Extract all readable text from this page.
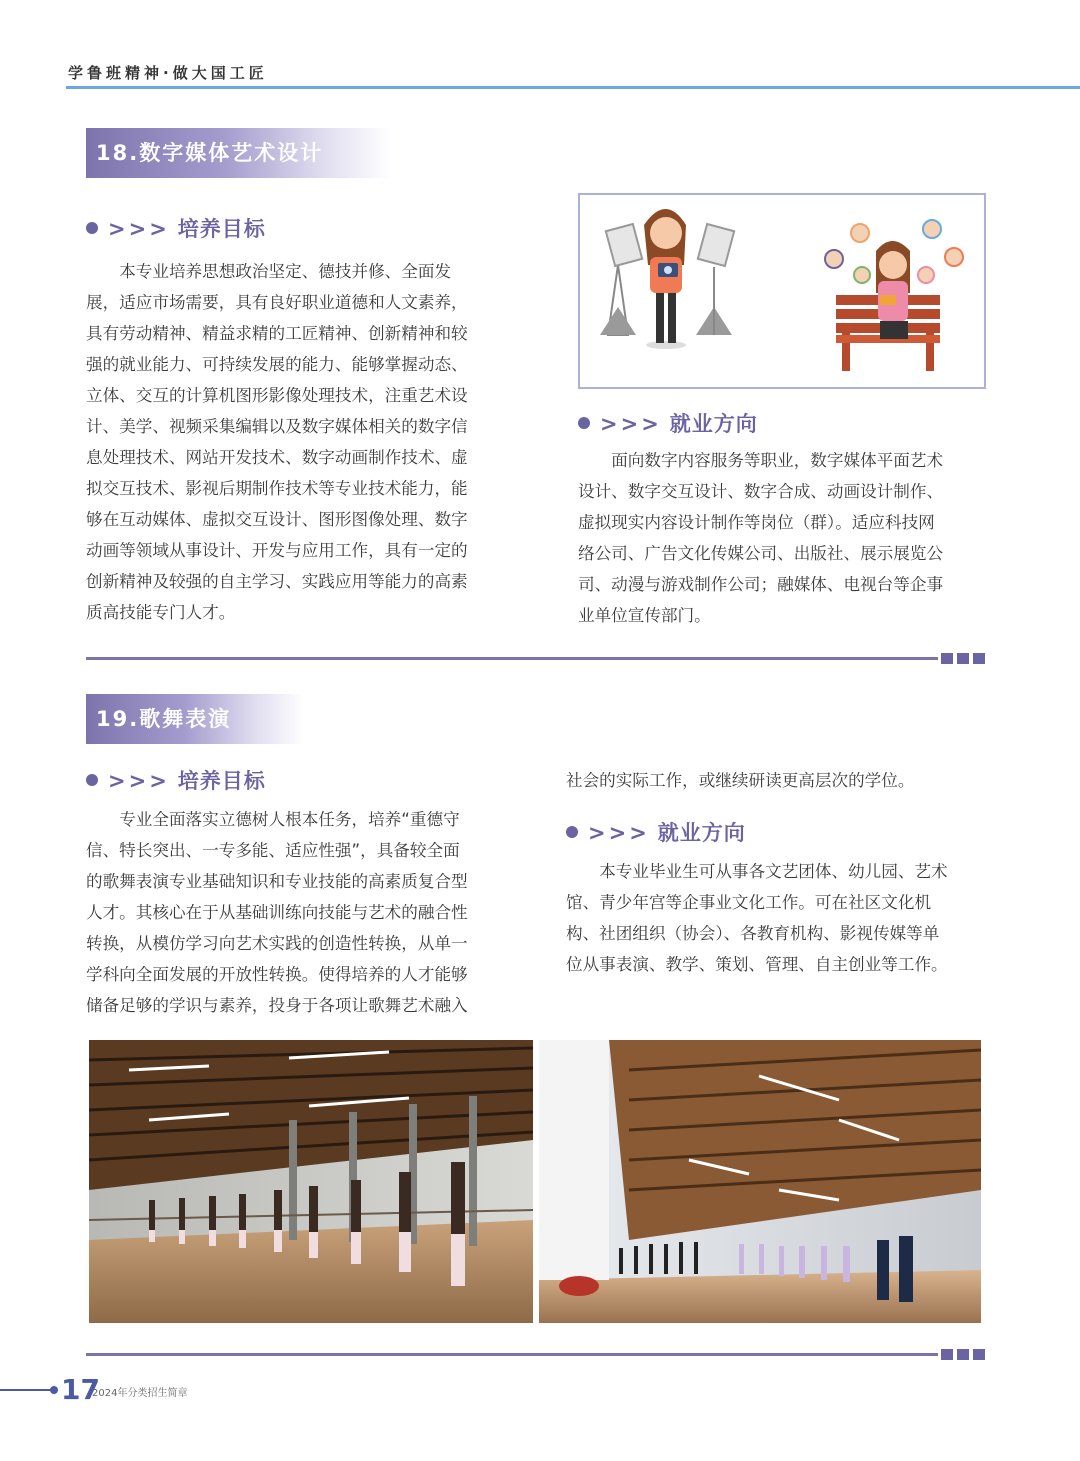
学鲁班精神·做大国工匠
18.数字媒体艺术设计
>>> 培养目标
本专业培养思想政治坚定、德技并修、全面发
展，适应市场需要，具有良好职业道德和人文素养，
具有劳动精神、精益求精的工匠精神、创新精神和较
强的就业能力、可持续发展的能力、能够掌握动态、
立体、交互的计算机图形影像处理技术，注重艺术设
计、美学、视频采集编辑以及数字媒体相关的数字信
息处理技术、网站开发技术、数字动画制作技术、虚
拟交互技术、影视后期制作技术等专业技术能力，能
够在互动媒体、虚拟交互设计、图形图像处理、数字
动画等领域从事设计、开发与应用工作，具有一定的
创新精神及较强的自主学习、实践应用等能力的高素
质高技能专门人才。
>>> 就业方向
面向数字内容服务等职业，数字媒体平面艺术
设计、数字交互设计、数字合成、动画设计制作、
虚拟现实内容设计制作等岗位（群）。适应科技网
络公司、广告文化传媒公司、出版社、展示展览公
司、动漫与游戏制作公司；融媒体、电视台等企事
业单位宣传部门。
19.歌舞表演
>>> 培养目标
专业全面落实立德树人根本任务，培养“重德守
信、特长突出、一专多能、适应性强”，具备较全面
的歌舞表演专业基础知识和专业技能的高素质复合型
人才。其核心在于从基础训练向技能与艺术的融合性
转换，从模仿学习向艺术实践的创造性转换，从单一
学科向全面发展的开放性转换。使得培养的人才能够
储备足够的学识与素养，投身于各项让歌舞艺术融入
社会的实际工作，或继续研读更高层次的学位。
>>> 就业方向
本专业毕业生可从事各文艺团体、幼儿园、艺术
馆、青少年宫等企事业文化工作。可在社区文化机
构、社团组织（协会）、各教育机构、影视传媒等单
位从事表演、教学、策划、管理、自主创业等工作。
17
2024年分类招生简章
